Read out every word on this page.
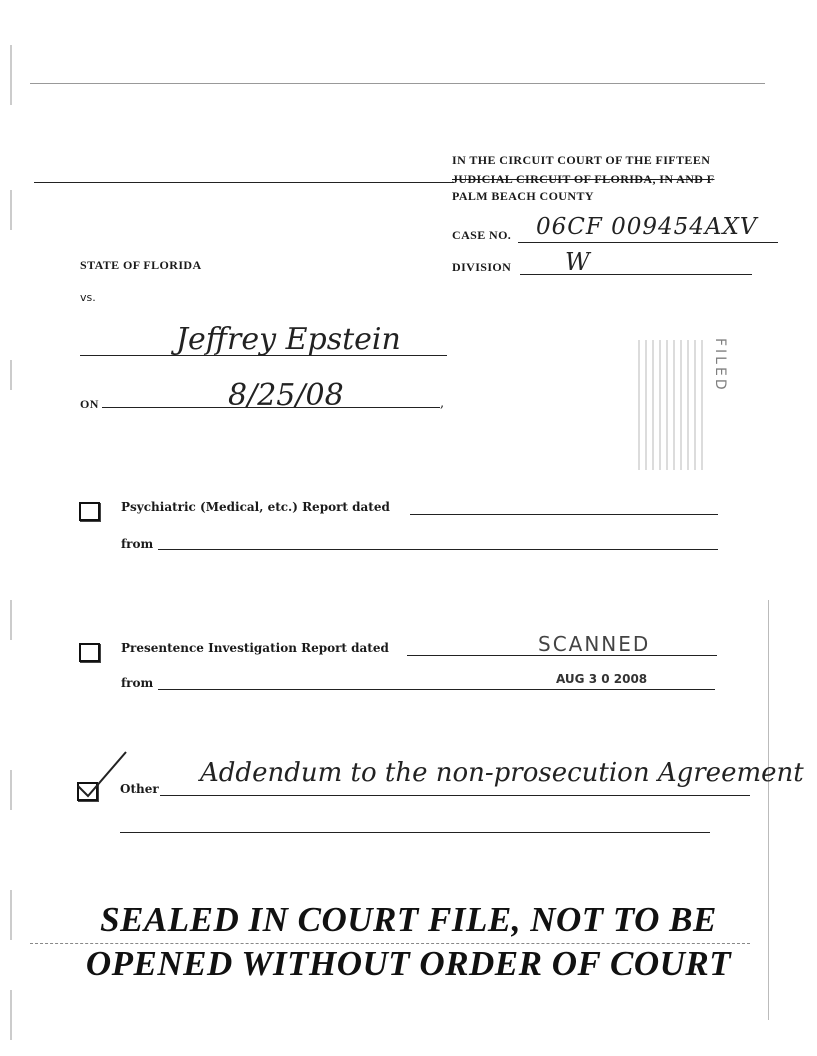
IN THE CIRCUIT COURT OF THE FIFTEEN
JUDICIAL CIRCUIT OF FLORIDA, IN AND F
PALM BEACH COUNTY
CASE NO. 06CF 009454AXV
STATE OF FLORIDA	DIVISION W
vs.
Jeffrey Epstein
ON	,
8/25/08
FILED
Psychiatric (Medical, etc.) Report dated
from
Presentence Investigation Report dated
from
SCANNED
AUG 3 0 2008
Other
Addendum to the non-prosecution Agreement
SEALED IN COURT FILE, NOT TO BE
OPENED WITHOUT ORDER OF COURT
